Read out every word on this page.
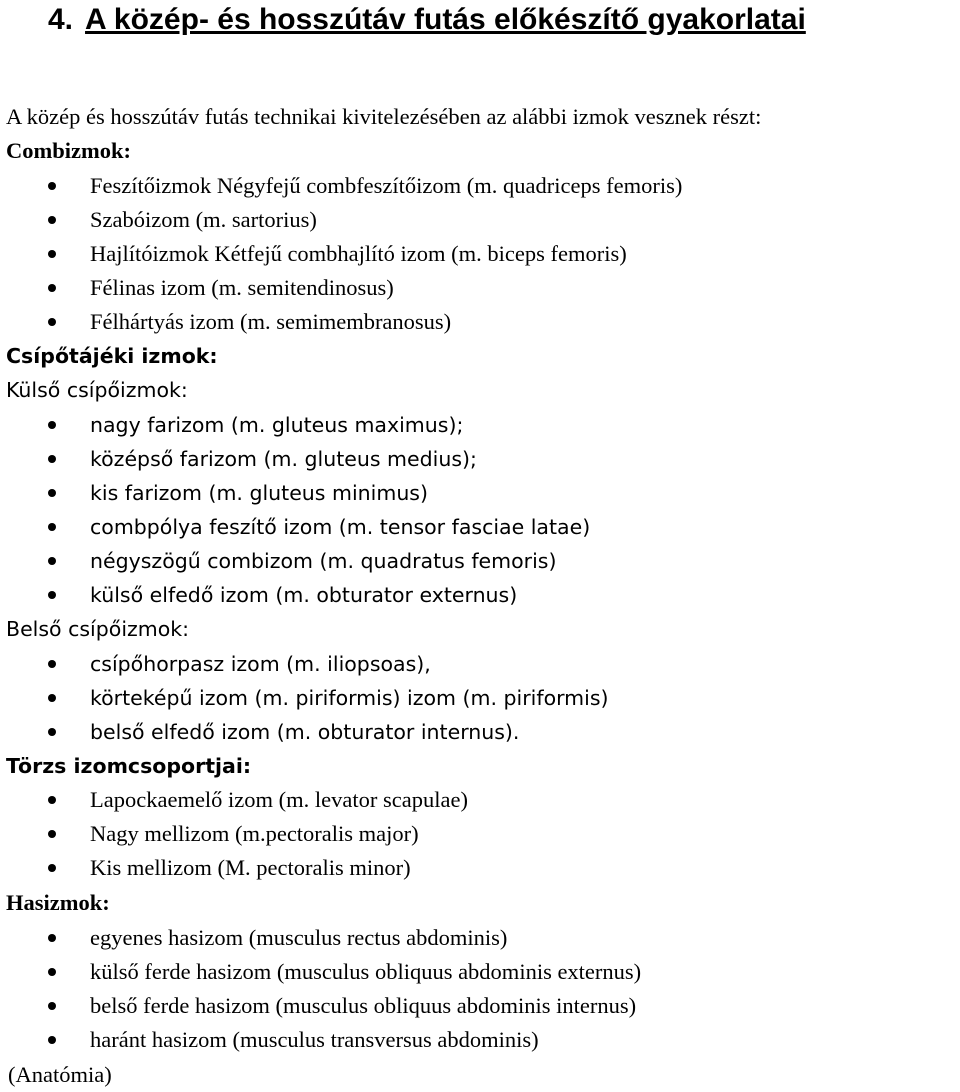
4. A közép- és hosszútáv futás előkészítő gyakorlatai
A közép és hosszútáv futás technikai kivitelezésében az alábbi izmok vesznek részt:
Combizmok:
Feszítőizmok Négyfejű combfeszítőizom (m. quadriceps femoris)
Szabóizom (m. sartorius)
Hajlítóizmok Kétfejű combhajlító izom (m. biceps femoris)
Félinas izom (m. semitendinosus)
Félhártyás izom (m. semimembranosus)
Csípőtájéki izmok:
Külső csípőizmok:
nagy farizom (m. gluteus maximus);
középső farizom (m. gluteus medius);
kis farizom (m. gluteus minimus)
combpólya feszítő izom (m. tensor fasciae latae)
négyszögű combizom (m. quadratus femoris)
külső elfedő izom (m. obturator externus)
Belső csípőizmok:
csípőhorpasz izom (m. iliopsoas),
körteképű izom (m. piriformis) izom (m. piriformis)
belső elfedő izom (m. obturator internus).
Törzs izomcsoportjai:
Lapockaemelő izom (m. levator scapulae)
Nagy mellizom (m.pectoralis major)
Kis mellizom (M. pectoralis minor)
Hasizmok:
egyenes hasizom (musculus rectus abdominis)
külső ferde hasizom (musculus obliquus abdominis externus)
belső ferde hasizom (musculus obliquus abdominis internus)
haránt hasizom (musculus transversus abdominis)
(Anatómia)
